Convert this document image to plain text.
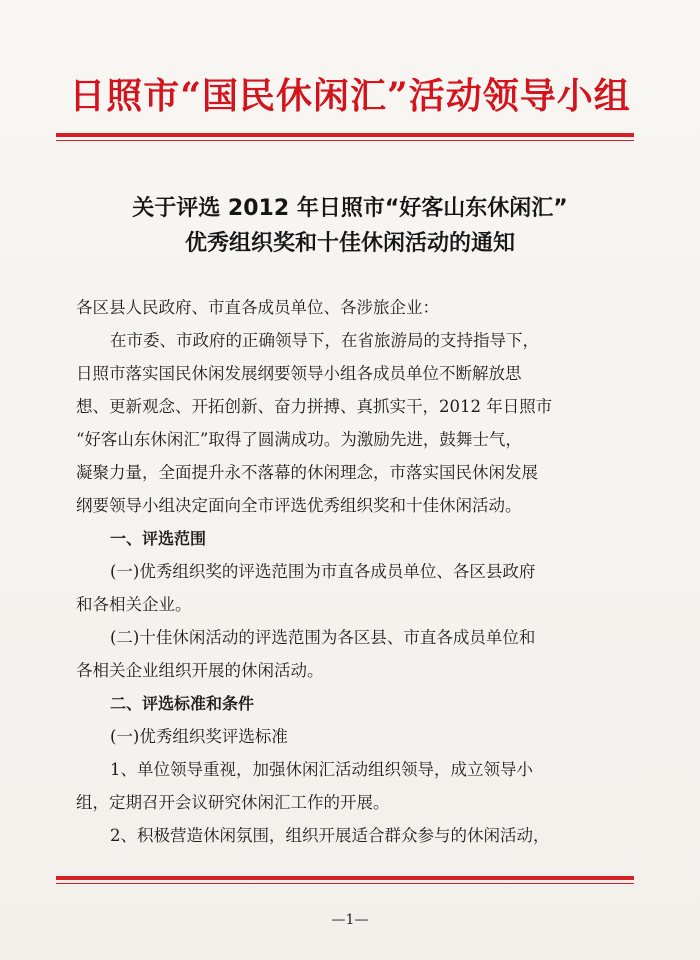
日照市“国民休闲汇”活动领导小组
关于评选 2012 年日照市“好客山东休闲汇”
优秀组织奖和十佳休闲活动的通知
各区县人民政府、市直各成员单位、各涉旅企业：
在市委、市政府的正确领导下，在省旅游局的支持指导下，
日照市落实国民休闲发展纲要领导小组各成员单位不断解放思
想、更新观念、开拓创新、奋力拼搏、真抓实干，2012 年日照市
“好客山东休闲汇”取得了圆满成功。为激励先进，鼓舞士气，
凝聚力量，全面提升永不落幕的休闲理念，市落实国民休闲发展
纲要领导小组决定面向全市评选优秀组织奖和十佳休闲活动。
一、评选范围
(一)优秀组织奖的评选范围为市直各成员单位、各区县政府
和各相关企业。
(二)十佳休闲活动的评选范围为各区县、市直各成员单位和
各相关企业组织开展的休闲活动。
二、评选标准和条件
(一)优秀组织奖评选标准
1、单位领导重视，加强休闲汇活动组织领导，成立领导小
组，定期召开会议研究休闲汇工作的开展。
2、积极营造休闲氛围，组织开展适合群众参与的休闲活动，
—1—
